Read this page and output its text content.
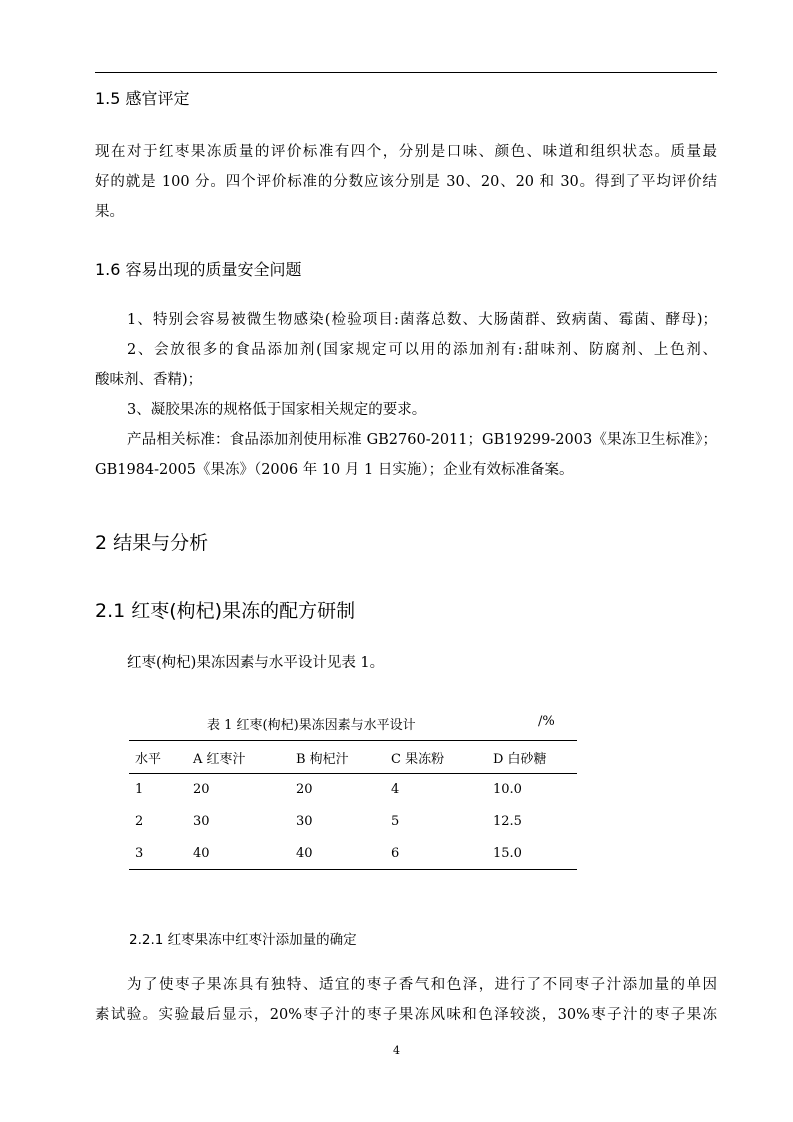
1.5 感官评定
现在对于红枣果冻质量的评价标准有四个，分别是口味、颜色、味道和组织状态。质量最
好的就是 100 分。四个评价标准的分数应该分别是 30、20、20 和 30。得到了平均评价结
果。
1.6 容易出现的质量安全问题
1、特别会容易被微生物感染(检验项目:菌落总数、大肠菌群、致病菌、霉菌、酵母)；
2、会放很多的食品添加剂(国家规定可以用的添加剂有:甜味剂、防腐剂、上色剂、
酸味剂、香精)；
3、凝胶果冻的规格低于国家相关规定的要求。
产品相关标准：食品添加剂使用标准 GB2760-2011；GB19299-2003《果冻卫生标准》；
GB1984-2005《果冻》（2006 年 10 月 1 日实施）；企业有效标准备案。
2 结果与分析
2.1 红枣(枸杞)果冻的配方研制
红枣(枸杞)果冻因素与水平设计见表 1。
表 1 红枣(枸杞)果冻因素与水平设计	/%
水平	A 红枣汁	B 枸杞汁	C 果冻粉	D 白砂糖
1	20	20	4	10.0
2	30	30	5	12.5
3	40	40	6	15.0
2.2.1 红枣果冻中红枣汁添加量的确定
为了使枣子果冻具有独特、适宜的枣子香气和色泽，进行了不同枣子汁添加量的单因
素试验。实验最后显示，20%枣子汁的枣子果冻风味和色泽较淡，30%枣子汁的枣子果冻
4
